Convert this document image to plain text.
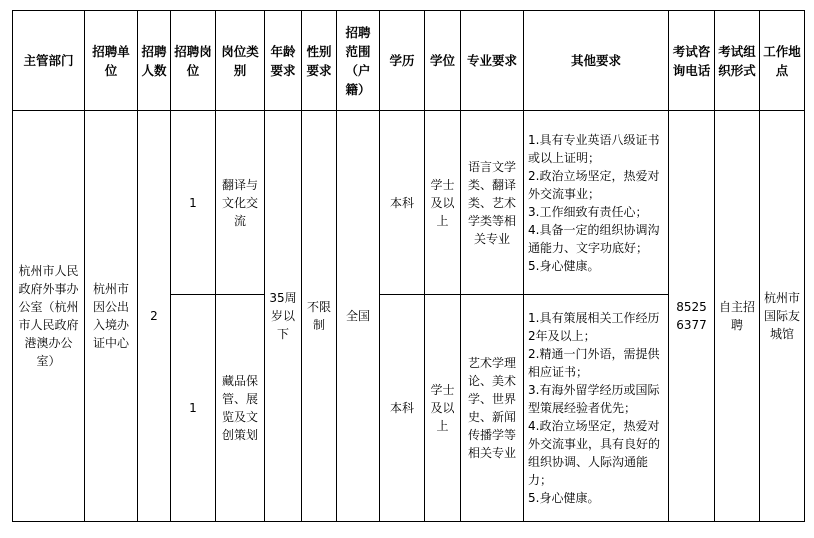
主管部门	招聘单位	招聘人数	招聘岗位	岗位类别	年龄要求	性别要求	招聘范围（户籍）	学历	学位	专业要求	其他要求	考试咨询电话	考试组织形式	工作地点
杭州市人民政府外事办公室（杭州市人民政府港澳办公室）	杭州市因公出入境办证中心	2	1	翻译与文化交流	35周岁以下	不限制	全国	本科	学士及以上	语言文学类、翻译类、艺术学类等相关专业	1.具有专业英语八级证书或以上证明；
2.政治立场坚定，热爱对外交流事业；
3.工作细致有责任心；
4.具备一定的组织协调沟通能力、文字功底好；
5.身心健康。	8525 6377	自主招聘	杭州市国际友城馆
			1	藏品保管、展览及文创策划				本科	学士及以上	艺术学理论、美术学、世界史、新闻传播学等相关专业	1.具有策展相关工作经历2年及以上；
2.精通一门外语，需提供相应证书；
3.有海外留学经历或国际型策展经验者优先；
4.政治立场坚定，热爱对外交流事业，具有良好的组织协调、人际沟通能力；
5.身心健康。			
